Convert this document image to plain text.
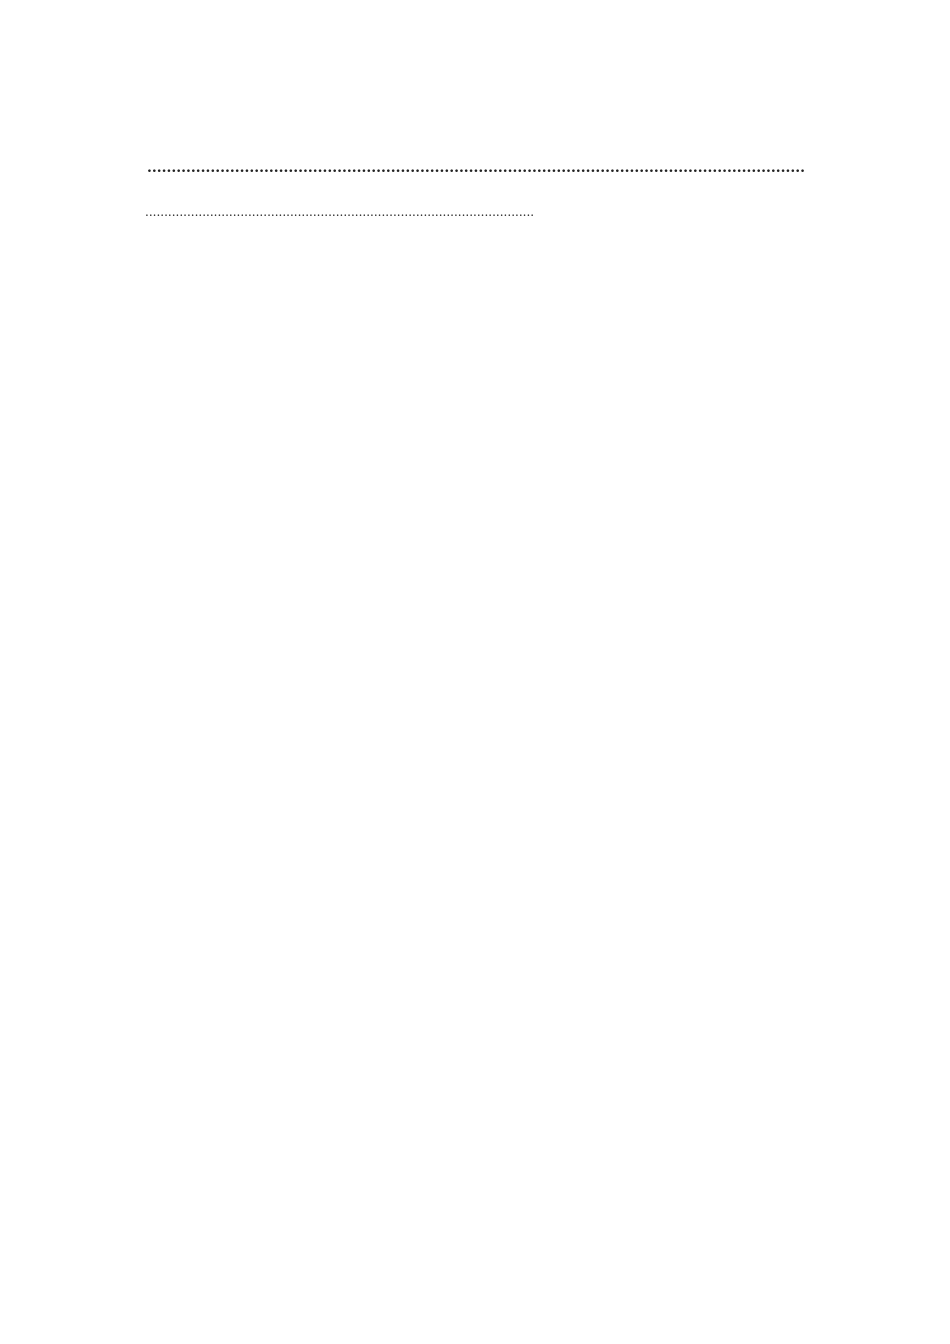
.....
.....
